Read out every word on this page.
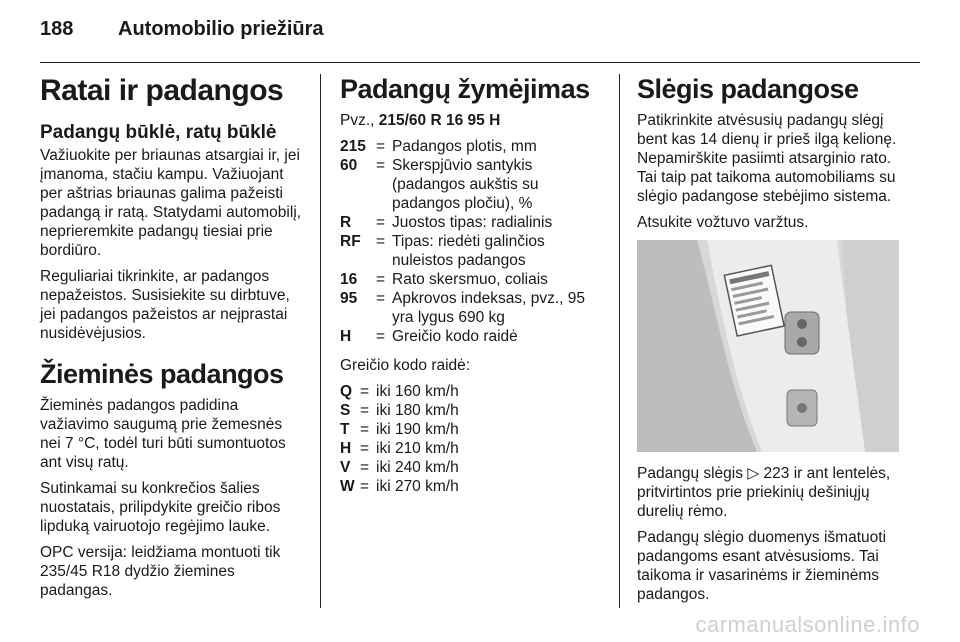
188 Automobilio priežiūra
Ratai ir padangos
Padangų būklė, ratų būklė

Važiuokite per briaunas atsargiai ir, jei įmanoma, stačiu kampu. Važiuojant per aštrias briaunas galima pažeisti padangą ir ratą. Statydami automobilį, neprieremkite padangų tiesiai prie bordiūro.

Reguliariai tikrinkite, ar padangos nepažeistos. Susisiekite su dirbtuve, jei padangos pažeistos ar neįprastai nusidėvėjusios.

Žieminės padangos

Žieminės padangos padidina važiavimo saugumą prie žemesnės nei 7 °C, todėl turi būti sumontuotos ant visų ratų.

Sutinkamai su konkrečios šalies nuostatais, prilipdykite greičio ribos lipduką vairuotojo regėjimo lauke.

OPC versija: leidžiama montuoti tik 235/45 R18 dydžio žiemines padangas.

Padangų žymėjimas

Pvz., 215/60 R 16 95 H

215	=	Padangos plotis, mm
60	=	Skerspjūvio santykis (padangos aukštis su padangos pločiu), %
R	=	Juostos tipas: radialinis
RF	=	Tipas: riedėti galinčios nuleistos padangos
16	=	Rato skersmuo, coliais
95	=	Apkrovos indeksas, pvz., 95 yra lygus 690 kg
H	=	Greičio kodo raidė

Greičio kodo raidė:

Q	=	iki 160 km/h
S	=	iki 180 km/h
T	=	iki 190 km/h
H	=	iki 210 km/h
V	=	iki 240 km/h
W	=	iki 270 km/h
Slėgis padangose

Patikrinkite atvėsusių padangų slėgį bent kas 14 dienų ir prieš ilgą kelionę. Nepamirškite pasiimti atsarginio rato. Tai taip pat taikoma automobiliams su slėgio padangose stebėjimo sistema.

Atsukite vožtuvo varžtus.

Padangų slėgis ▷ 223 ir ant lentelės, pritvirtintos prie priekinių dešiniųjų durelių rėmo.

Padangų slėgio duomenys išmatuoti padangoms esant atvėsusioms. Tai taikoma ir vasarinėms ir žieminėms padangos.

carmanualsonline.info
